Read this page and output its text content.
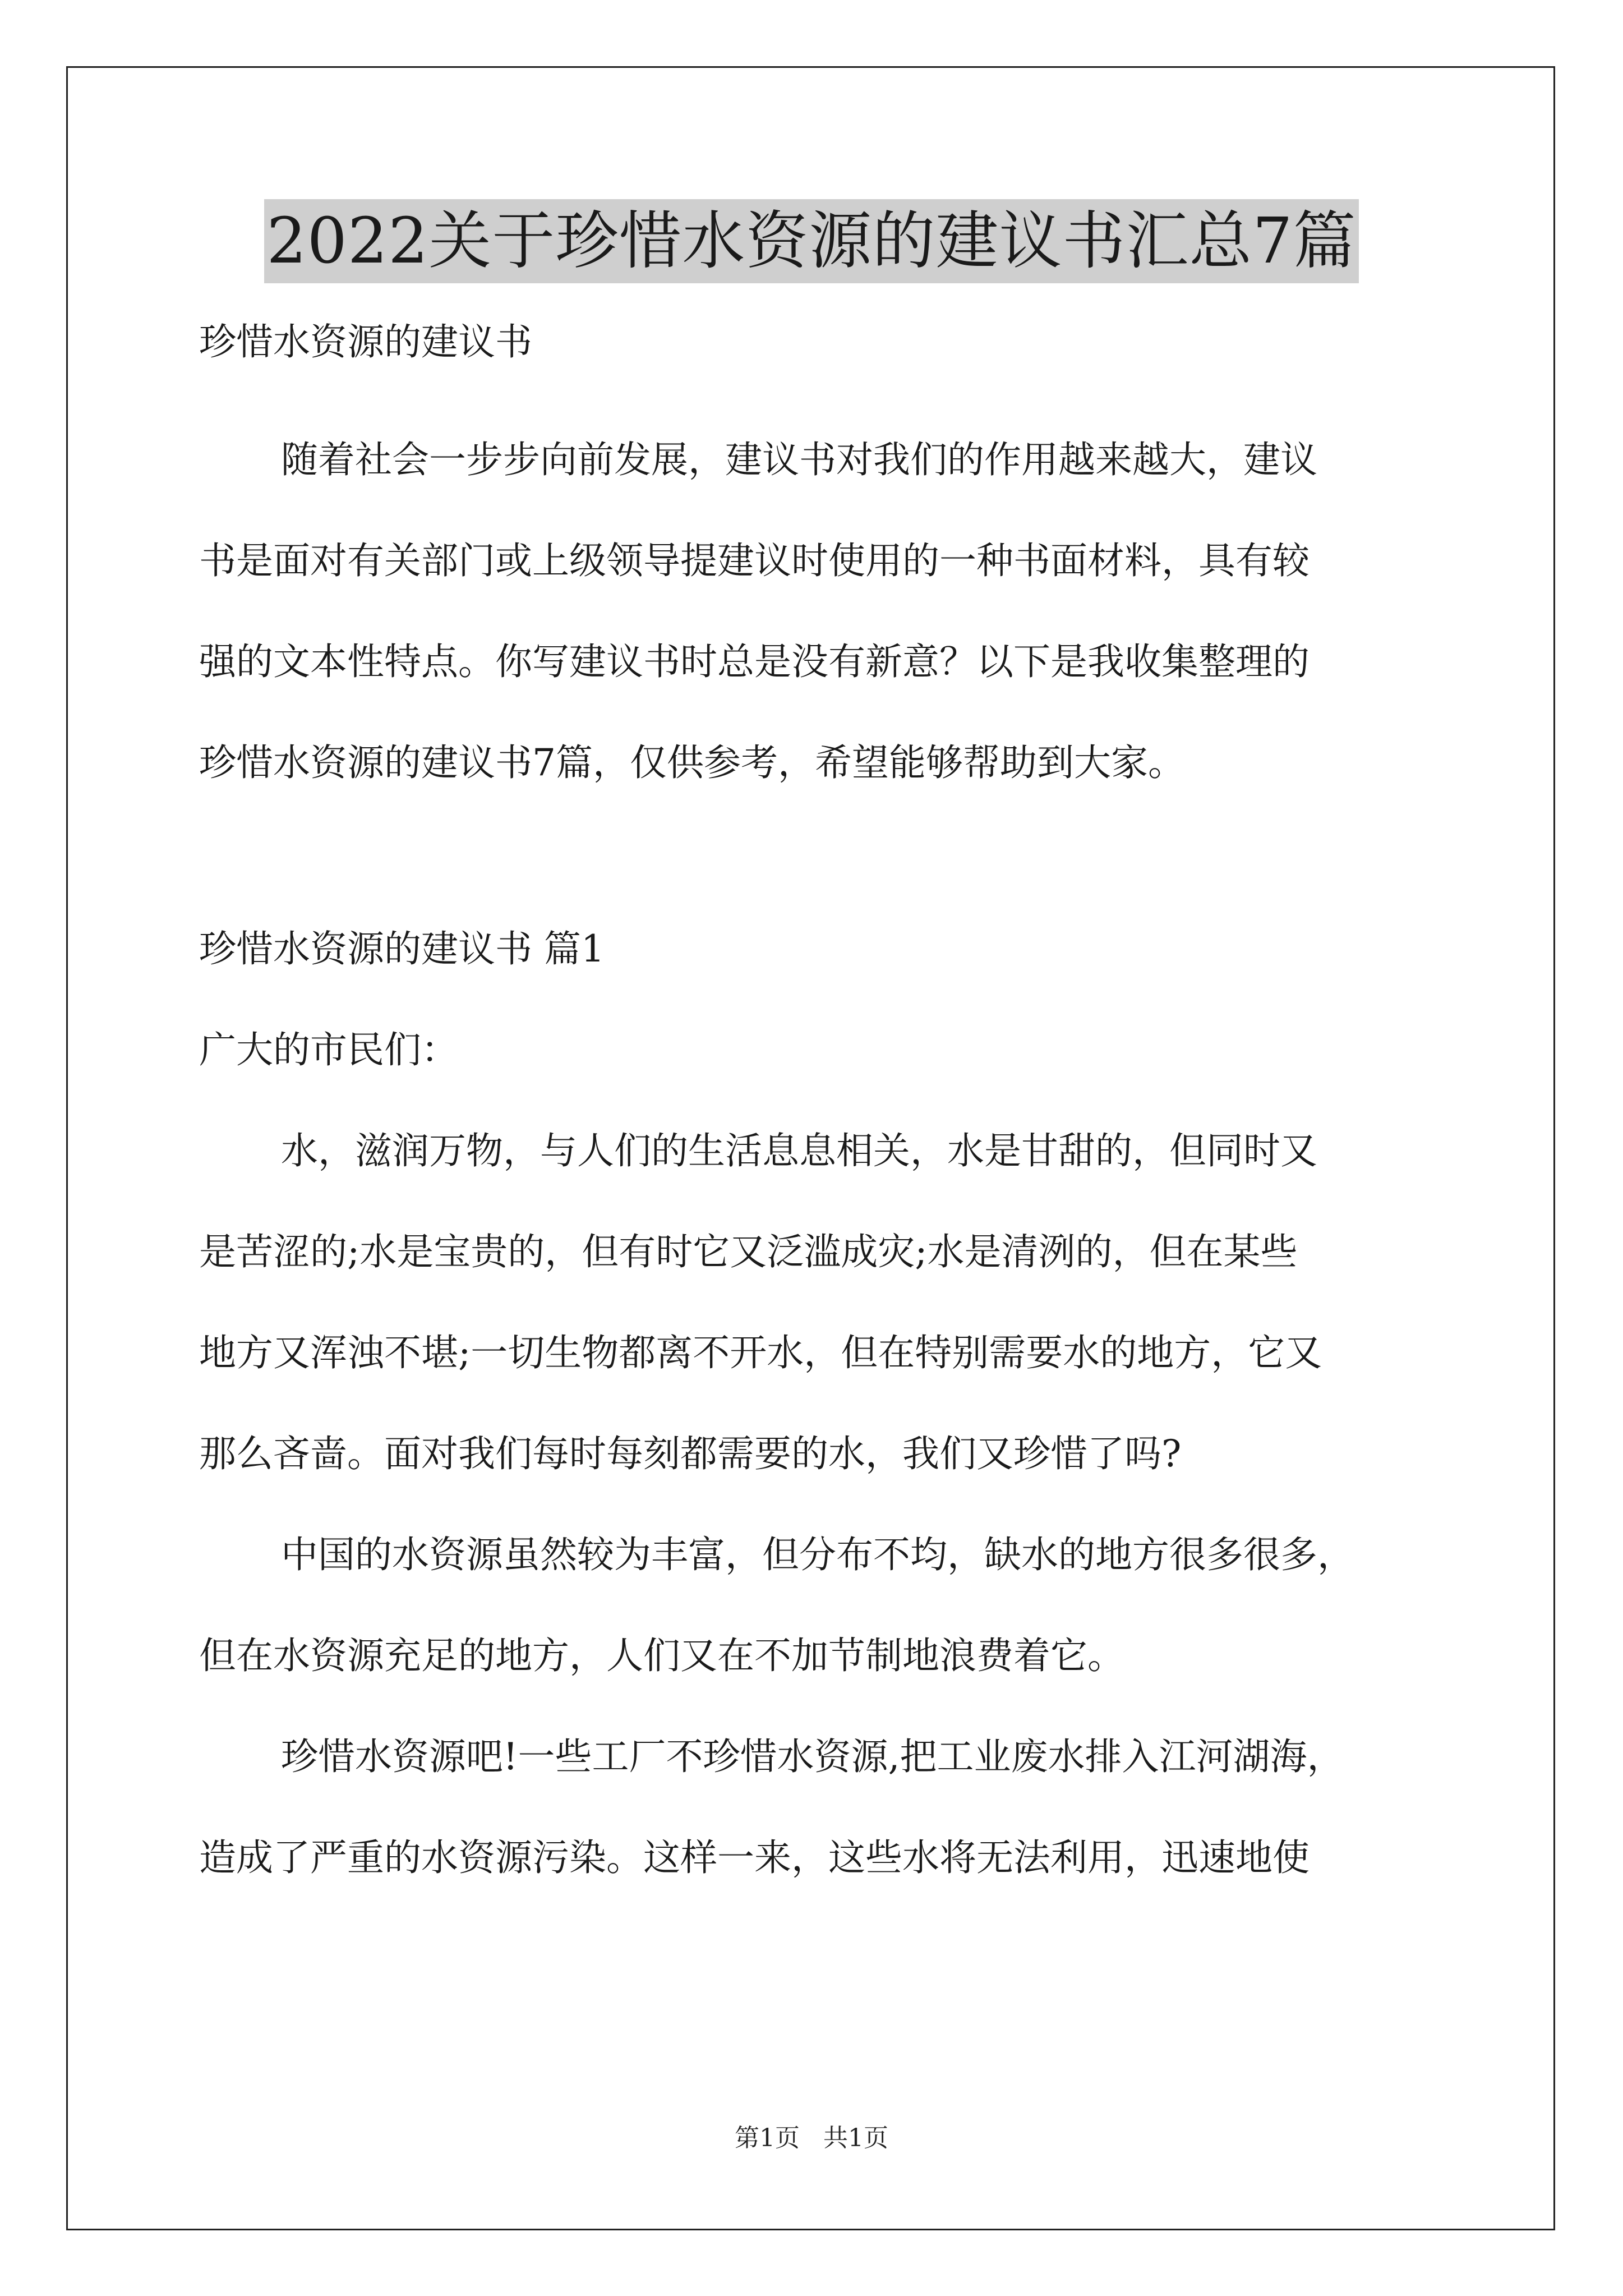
2022关于珍惜水资源的建议书汇总7篇
珍惜水资源的建议书
随着社会一步步向前发展，建议书对我们的作用越来越大，建议
书是面对有关部门或上级领导提建议时使用的一种书面材料，具有较
强的文本性特点。你写建议书时总是没有新意？以下是我收集整理的
珍惜水资源的建议书7篇，仅供参考，希望能够帮助到大家。
珍惜水资源的建议书 篇1
广大的市民们：
水，滋润万物，与人们的生活息息相关，水是甘甜的，但同时又
是苦涩的;水是宝贵的，但有时它又泛滥成灾;水是清洌的，但在某些
地方又浑浊不堪;一切生物都离不开水，但在特别需要水的地方，它又
那么吝啬。面对我们每时每刻都需要的水，我们又珍惜了吗?
中国的水资源虽然较为丰富，但分布不均，缺水的地方很多很多，
但在水资源充足的地方，人们又在不加节制地浪费着它。
珍惜水资源吧!一些工厂不珍惜水资源,把工业废水排入江河湖海，
造成了严重的水资源污染。这样一来，这些水将无法利用，迅速地使
第1页 共1页
